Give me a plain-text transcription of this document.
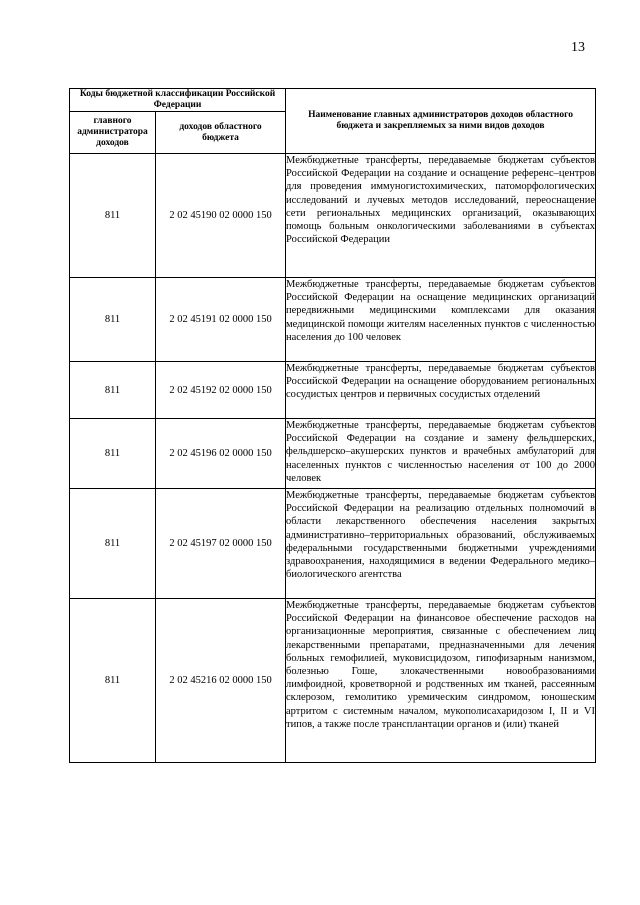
13
Коды бюджетной классификации Российской Федерации		Наименование главных администраторов доходов областного бюджета и закрепляемых за ними видов доходов
главного администратора доходов	доходов областного бюджета	
811	2 02 45190 02 0000 150	Межбюджетные трансферты, передаваемые бюджетам субъектов Российской Федерации на создание и оснащение референс–центров для проведения иммуногистохимических, патоморфологических исследований и лучевых методов исследований, переоснащение сети региональных медицинских организаций, оказывающих помощь больным онкологическими заболеваниями в субъектах Российской Федерации

811	2 02 45191 02 0000 150	Межбюджетные трансферты, передаваемые бюджетам субъектов Российской Федерации на оснащение медицинских организаций передвижными медицинскими комплексами для оказания медицинской помощи жителям населенных пунктов с численностью населения до 100 человек

811	2 02 45192 02 0000 150	Межбюджетные трансферты, передаваемые бюджетам субъектов Российской Федерации на оснащение оборудованием региональных сосудистых центров и первичных сосудистых отделений

811	2 02 45196 02 0000 150	Межбюджетные трансферты, передаваемые бюджетам субъектов Российской Федерации на создание и замену фельдшерских, фельдшерско–акушерских пунктов и врачебных амбулаторий для населенных пунктов с численностью населения от 100 до 2000 человек

811	2 02 45197 02 0000 150	Межбюджетные трансферты, передаваемые бюджетам субъектов Российской Федерации на реализацию отдельных полномочий в области лекарственного обеспечения населения закрытых административно–территориальных образований, обслуживаемых федеральными государственными бюджетными учреждениями здравоохранения, находящимися в ведении Федерального медико–биологического агентства

811	2 02 45216 02 0000 150	Межбюджетные трансферты, передаваемые бюджетам субъектов Российской Федерации на финансовое обеспечение расходов на организационные мероприятия, связанные с обеспечением лиц лекарственными препаратами, предназначенными для лечения больных гемофилией, муковисцидозом, гипофизарным нанизмом, болезнью Гоше, злокачественными новообразованиями лимфоидной, кроветворной и родственных им тканей, рассеянным склерозом, гемолитико уремическим синдромом, юношеским артритом с системным началом, мукополисахаридозом I, II и VI типов, а также после трансплантации органов и (или) тканей
